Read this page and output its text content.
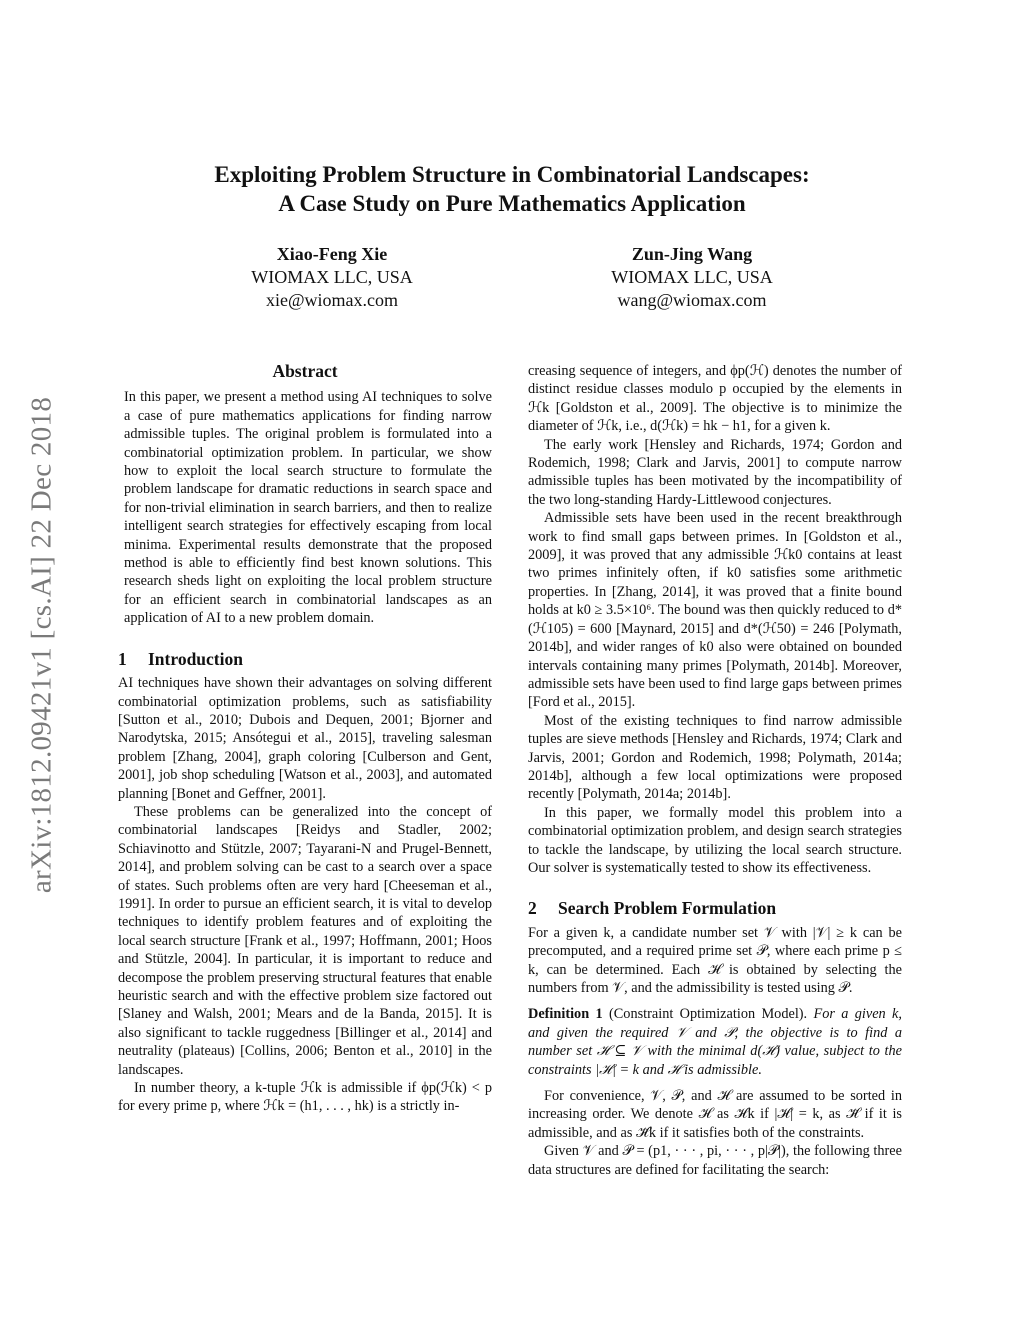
arXiv:1812.09421v1 [cs.AI] 22 Dec 2018
Exploiting Problem Structure in Combinatorial Landscapes:
A Case Study on Pure Mathematics Application
Xiao-Feng Xie
WIOMAX LLC, USA
xie@wiomax.com
Zun-Jing Wang
WIOMAX LLC, USA
wang@wiomax.com
Abstract

In this paper, we present a method using AI techniques to solve a case of pure mathematics applications for finding narrow admissible tuples. The original problem is formulated into a combinatorial optimization problem. In particular, we show how to exploit the local search structure to formulate the problem landscape for dramatic reductions in search space and for non-trivial elimination in search barriers, and then to realize intelligent search strategies for effectively escaping from local minima. Experimental results demonstrate that the proposed method is able to efficiently find best known solutions. This research sheds light on exploiting the local problem structure for an efficient search in combinatorial landscapes as an application of AI to a new problem domain.

1 Introduction

AI techniques have shown their advantages on solving different combinatorial optimization problems, such as satisfiability [Sutton et al., 2010; Dubois and Dequen, 2001; Bjorner and Narodytska, 2015; Ansótegui et al., 2015], traveling salesman problem [Zhang, 2004], graph coloring [Culberson and Gent, 2001], job shop scheduling [Watson et al., 2003], and automated planning [Bonet and Geffner, 2001].

These problems can be generalized into the concept of combinatorial landscapes [Reidys and Stadler, 2002; Schiavinotto and Stützle, 2007; Tayarani-N and Prugel-Bennett, 2014], and problem solving can be cast to a search over a space of states. Such problems often are very hard [Cheeseman et al., 1991]. In order to pursue an efficient search, it is vital to develop techniques to identify problem features and of exploiting the local search structure [Frank et al., 1997; Hoffmann, 2001; Hoos and Stützle, 2004]. In particular, it is important to reduce and decompose the problem preserving structural features that enable heuristic search and with the effective problem size factored out [Slaney and Walsh, 2001; Mears and de la Banda, 2015]. It is also significant to tackle ruggedness [Billinger et al., 2014] and neutrality (plateaus) [Collins, 2006; Benton et al., 2010] in the landscapes.

In number theory, a k-tuple ℋk is admissible if ϕp(ℋk) < p for every prime p, where ℋk = (h1, . . . , hk) is a strictly in-

creasing sequence of integers, and ϕp(ℋ) denotes the number of distinct residue classes modulo p occupied by the elements in ℋk [Goldston et al., 2009]. The objective is to minimize the diameter of ℋk, i.e., d(ℋk) = hk − h1, for a given k.

The early work [Hensley and Richards, 1974; Gordon and Rodemich, 1998; Clark and Jarvis, 2001] to compute narrow admissible tuples has been motivated by the incompatibility of the two long-standing Hardy-Littlewood conjectures.

Admissible sets have been used in the recent breakthrough work to find small gaps between primes. In [Goldston et al., 2009], it was proved that any admissible ℋk0 contains at least two primes infinitely often, if k0 satisfies some arithmetic properties. In [Zhang, 2014], it was proved that a finite bound holds at k0 ≥ 3.5×10⁶. The bound was then quickly reduced to d*(ℋ105) = 600 [Maynard, 2015] and d*(ℋ50) = 246 [Polymath, 2014b], and wider ranges of k0 also were obtained on bounded intervals containing many primes [Polymath, 2014b]. Moreover, admissible sets have been used to find large gaps between primes [Ford et al., 2015].

Most of the existing techniques to find narrow admissible tuples are sieve methods [Hensley and Richards, 1974; Clark and Jarvis, 2001; Gordon and Rodemich, 1998; Polymath, 2014a; 2014b], although a few local optimizations were proposed recently [Polymath, 2014a; 2014b].

In this paper, we formally model this problem into a combinatorial optimization problem, and design search strategies to tackle the landscape, by utilizing the local search structure. Our solver is systematically tested to show its effectiveness.

2 Search Problem Formulation

For a given k, a candidate number set 𝒱 with |𝒱| ≥ k can be precomputed, and a required prime set 𝒫, where each prime p ≤ k, can be determined. Each ℋ is obtained by selecting the numbers from 𝒱, and the admissibility is tested using 𝒫.

Definition 1 (Constraint Optimization Model). For a given k, and given the required 𝒱 and 𝒫, the objective is to find a number set ℋ ⊆ 𝒱 with the minimal d(ℋ) value, subject to the constraints |ℋ| = k and ℋ is admissible.

For convenience, 𝒱, 𝒫, and ℋ are assumed to be sorted in increasing order. We denote ℋ as ℋk if |ℋ| = k, as ℋ̃ if it is admissible, and as ℋ̃k if it satisfies both of the constraints.

Given 𝒱 and 𝒫 = (p1, · · · , pi, · · · , p|𝒫|), the following three data structures are defined for facilitating the search:
